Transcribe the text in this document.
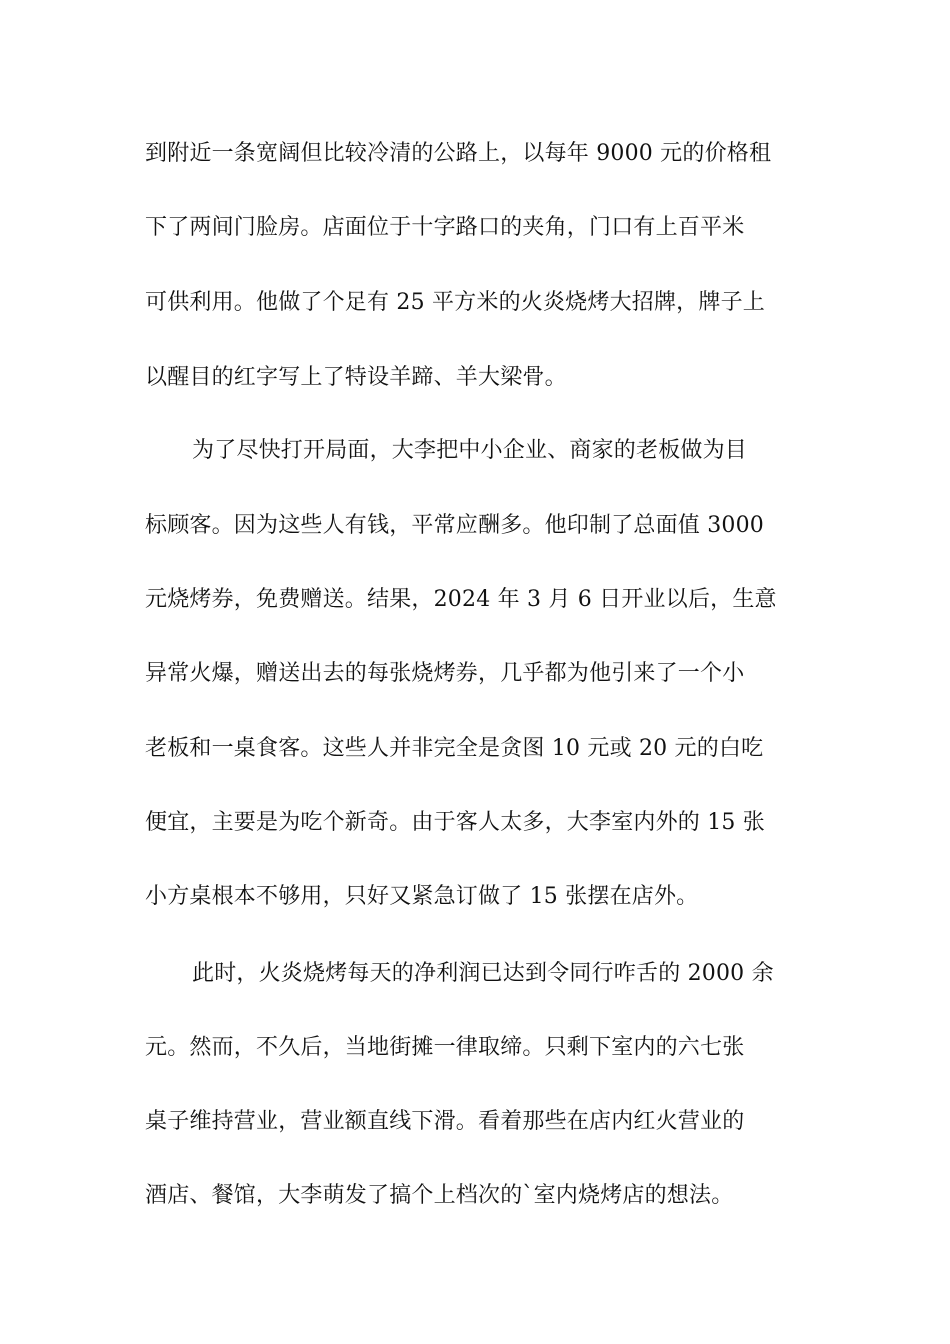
到附近一条宽阔但比较冷清的公路上，以每年 9000 元的价格租
下了两间门脸房。店面位于十字路口的夹角，门口有上百平米
可供利用。他做了个足有 25 平方米的火炎烧烤大招牌，牌子上
以醒目的红字写上了特设羊蹄、羊大梁骨。
为了尽快打开局面，大李把中小企业、商家的老板做为目
标顾客。因为这些人有钱，平常应酬多。他印制了总面值 3000
元烧烤券，免费赠送。结果，2024 年 3 月 6 日开业以后，生意
异常火爆，赠送出去的每张烧烤券，几乎都为他引来了一个小
老板和一桌食客。这些人并非完全是贪图 10 元或 20 元的白吃
便宜，主要是为吃个新奇。由于客人太多，大李室内外的 15 张
小方桌根本不够用，只好又紧急订做了 15 张摆在店外。
此时，火炎烧烤每天的净利润已达到令同行咋舌的 2000 余
元。然而，不久后，当地街摊一律取缔。只剩下室内的六七张
桌子维持营业，营业额直线下滑。看着那些在店内红火营业的
酒店、餐馆，大李萌发了搞个上档次的`室内烧烤店的想法。
